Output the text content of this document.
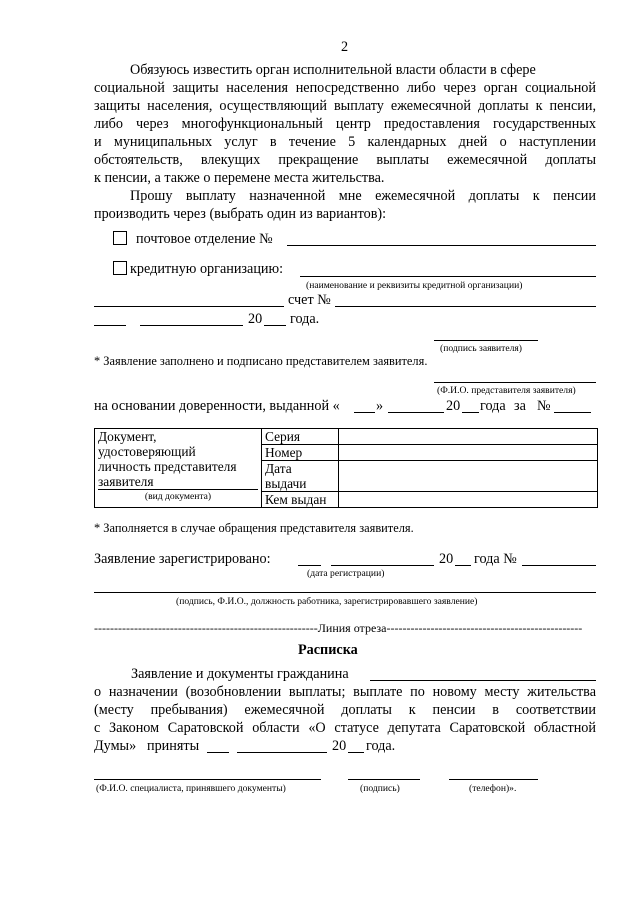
2
Обязуюсь известить орган исполнительной власти области в сфере
социальной защиты населения непосредственно либо через орган социальной
защиты населения, осуществляющий выплату ежемесячной доплаты к пенсии,
либо через многофункциональный центр предоставления государственных
и муниципальных услуг в течение 5 календарных дней о наступлении
обстоятельств, влекущих прекращение выплаты ежемесячной доплаты
к пенсии, а также о перемене места жительства.
Прошу выплату назначенной мне ежемесячной доплаты к пенсии
производить через (выбрать один из вариантов):
почтовое отделение №
кредитную организацию:
(наименование и реквизиты кредитной организации)
счет №
20 года.
(подпись заявителя)
* Заявление заполнено и подписано представителем заявителя.
(Ф.И.О. представителя заявителя)
на основании доверенности, выданной «	»	20 года за №
Документ,
удостоверяющий
личность представителя
заявителя
(вид документа)	Серия	
	Номер	

	Дата
выдачи	

	Кем выдан	
* Заполняется в случае обращения представителя заявителя.
Заявление зарегистрировано:	20 года №
(дата регистрации)
(подпись, Ф.И.О., должность работника, зарегистрировавшего заявление)
--------------------------------------------------------Линия отреза-------------------------------------------------
Расписка
Заявление и документы гражданина
о назначении (возобновлении выплаты; выплате по новому месту жительства
(месту пребывания) ежемесячной доплаты к пенсии в соответствии
с Законом Саратовской области «О статусе депутата Саратовской областной
Думы» приняты	20 года.
(Ф.И.О. специалиста, принявшего документы)	(подпись)	(телефон)».
